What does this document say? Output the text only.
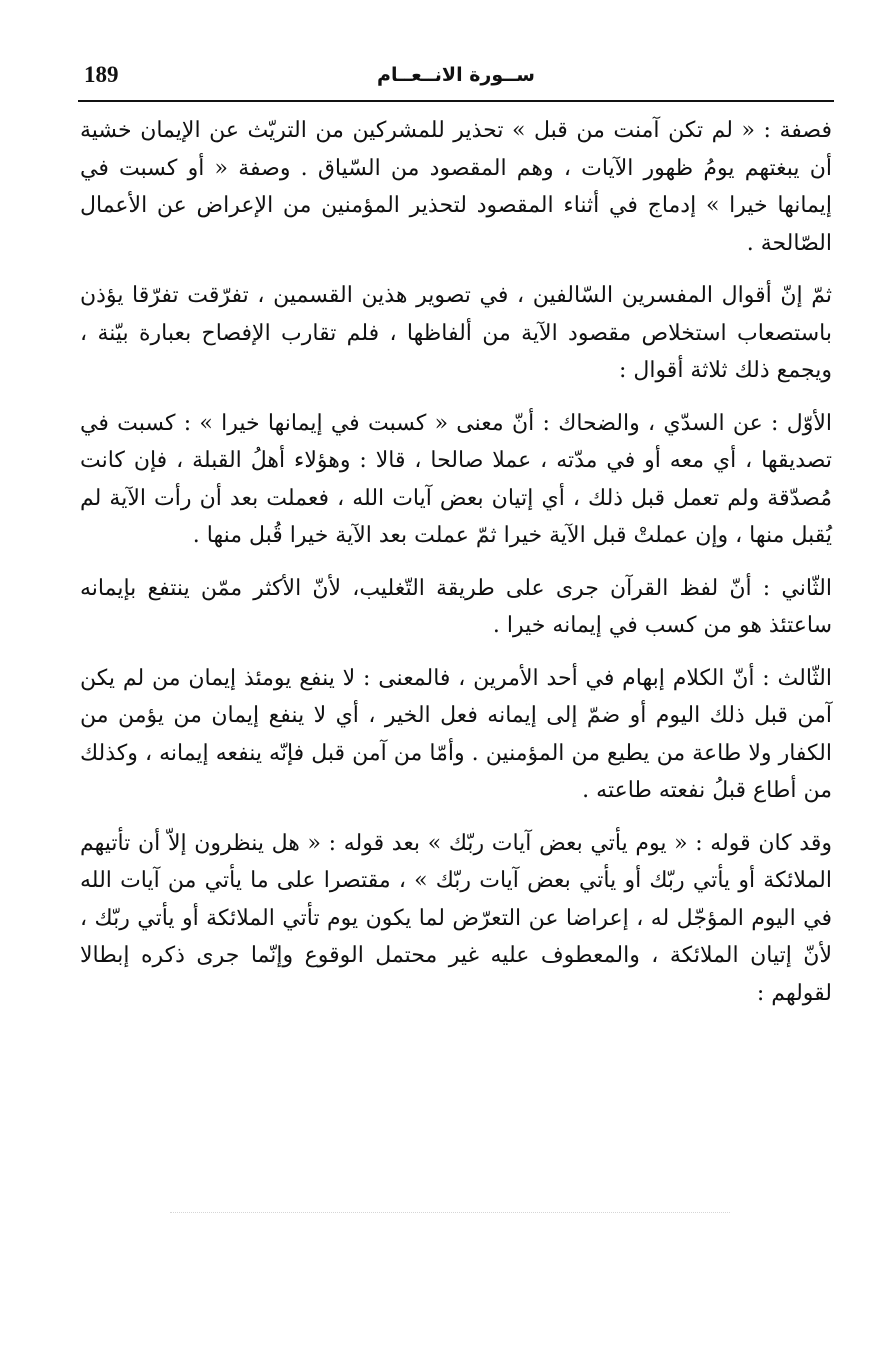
189	ســورة الانــعــام

فصفة : « لم تكن آمنت من قبل » تحذير للمشركين من التريّث عن الإيمان خشية أن يبغتهم يومُ ظهور الآيات ، وهم المقصود من السّياق . وصفة « أو كسبت في إيمانها خيرا » إدماج في أثناء المقصود لتحذير المؤمنين من الإعراض عن الأعمال الصّالحة .

ثمّ إنّ أقوال المفسرين السّالفين ، في تصوير هذين القسمين ، تفرّقت تفرّقا يؤذن باستصعاب استخلاص مقصود الآية من ألفاظها ، فلم تقارب الإفصاح بعبارة بيّنة ، ويجمع ذلك ثلاثة أقوال :

الأوّل : عن السدّي ، والضحاك : أنّ معنى « كسبت في إيمانها خيرا » : كسبت في تصديقها ، أي معه أو في مدّته ، عملا صالحا ، قالا : وهؤلاء أهلُ القبلة ، فإن كانت مُصدّقة ولم تعمل قبل ذلك ، أي إتيان بعض آيات الله ، فعملت بعد أن رأت الآية لم يُقبل منها ، وإن عملتْ قبل الآية خيرا ثمّ عملت بعد الآية خيرا قُبل منها .

الثّاني : أنّ لفظ القرآن جرى على طريقة التّغليب، لأنّ الأكثر ممّن ينتفع بإيمانه ساعتئذ هو من كسب في إيمانه خيرا .

الثّالث : أنّ الكلام إبهام في أحد الأمرين ، فالمعنى : لا ينفع يومئذ إيمان من لم يكن آمن قبل ذلك اليوم أو ضمّ إلى إيمانه فعل الخير ، أي لا ينفع إيمان من يؤمن من الكفار ولا طاعة من يطيع من المؤمنين . وأمّا من آمن قبل فإنّه ينفعه إيمانه ، وكذلك من أطاع قبلُ نفعته طاعته .

وقد كان قوله : « يوم يأتي بعض آيات ربّك » بعد قوله : « هل ينظرون إلاّ أن تأتيهم الملائكة أو يأتي ربّك أو يأتي بعض آيات ربّك » ، مقتصرا على ما يأتي من آيات الله في اليوم المؤجّل له ، إعراضا عن التعرّض لما يكون يوم تأتي الملائكة أو يأتي ربّك ، لأنّ إتيان الملائكة ، والمعطوف عليه غير محتمل الوقوع وإنّما جرى ذكره إبطالا لقولهم :
